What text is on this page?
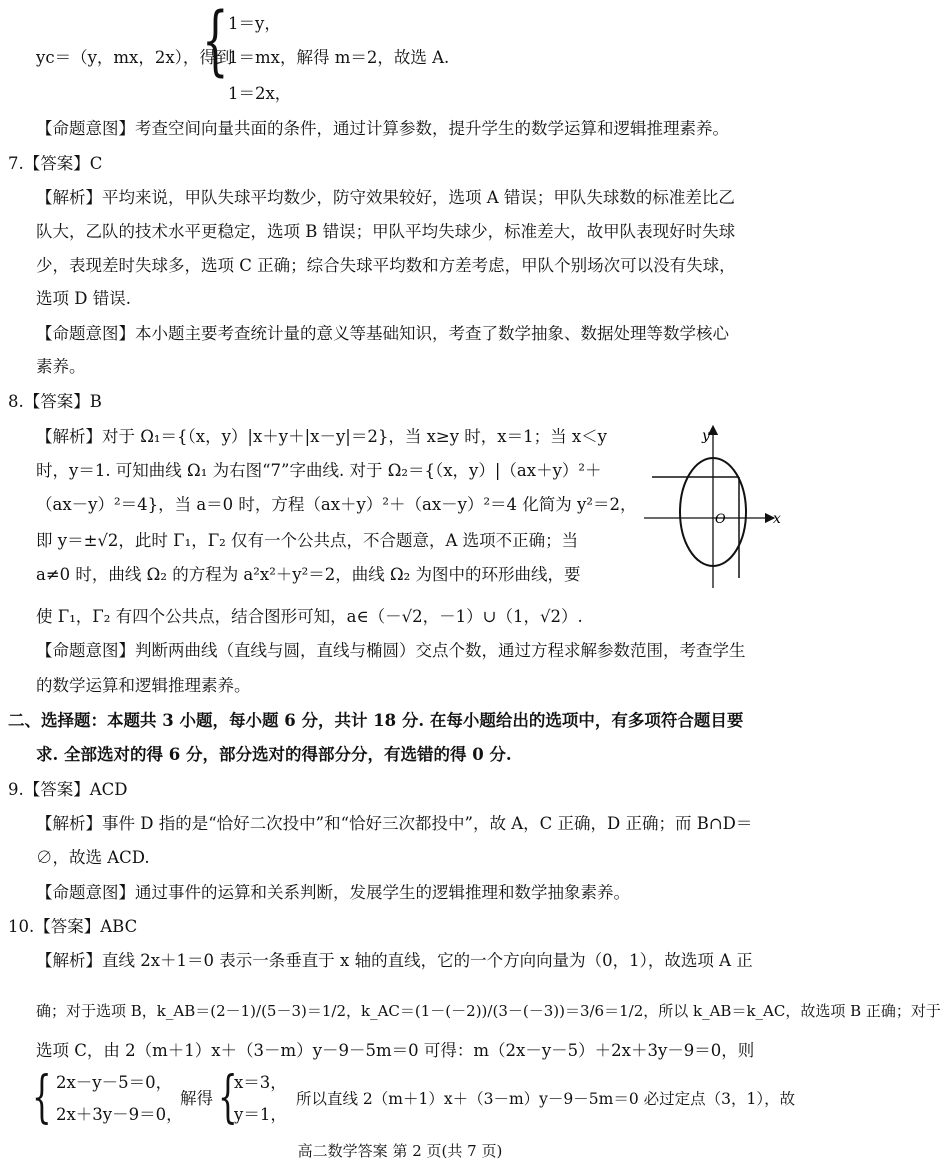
{ 1＝y，
yc＝（y，mx，2x），得到
1＝mx，解得 m＝2，故选 A.
1＝2x，
【命题意图】考查空间向量共面的条件，通过计算参数，提升学生的数学运算和逻辑推理素养。
7.【答案】C
【解析】平均来说，甲队失球平均数少，防守效果较好，选项 A 错误；甲队失球数的标准差比乙
队大，乙队的技术水平更稳定，选项 B 错误；甲队平均失球少，标准差大，故甲队表现好时失球
少，表现差时失球多，选项 C 正确；综合失球平均数和方差考虑，甲队个别场次可以没有失球，
选项 D 错误.
【命题意图】本小题主要考查统计量的意义等基础知识，考查了数学抽象、数据处理等数学核心
素养。
8.【答案】B
【解析】对于 Ω₁＝{（x，y）|x＋y＋|x－y|＝2}，当 x≥y 时，x＝1；当 x＜y
时，y＝1. 可知曲线 Ω₁ 为右图“7”字曲线. 对于 Ω₂＝{（x，y）|（ax＋y）²＋
（ax－y）²＝4}，当 a＝0 时，方程（ax＋y）²＋（ax－y）²＝4 化简为 y²＝2，
即 y＝±√2，此时 Γ₁，Γ₂ 仅有一个公共点，不合题意，A 选项不正确；当
a≠0 时，曲线 Ω₂ 的方程为 a²x²＋y²＝2，曲线 Ω₂ 为图中的环形曲线，要
使 Γ₁，Γ₂ 有四个公共点，结合图形可知，a∈（－√2，－1）∪（1，√2）.
y
x
O
【命题意图】判断两曲线（直线与圆，直线与椭圆）交点个数，通过方程求解参数范围，考查学生
的数学运算和逻辑推理素养。
二、选择题：本题共 3 小题，每小题 6 分，共计 18 分. 在每小题给出的选项中，有多项符合题目要
求. 全部选对的得 6 分，部分选对的得部分分，有选错的得 0 分.
9.【答案】ACD
【解析】事件 D 指的是“恰好二次投中”和“恰好三次都投中”，故 A，C 正确，D 正确；而 B∩D＝
∅，故选 ACD.
【命题意图】通过事件的运算和关系判断，发展学生的逻辑推理和数学抽象素养。
10.【答案】ABC
【解析】直线 2x＋1＝0 表示一条垂直于 x 轴的直线，它的一个方向向量为（0，1），故选项 A 正
确；对于选项 B，k_AB＝(2－1)/(5－3)＝1/2，k_AC＝(1－(－2))/(3－(－3))＝3/6＝1/2，所以 k_AB＝k_AC，故选项 B 正确；对于
选项 C，由 2（m＋1）x＋（3－m）y－9－5m＝0 可得：m（2x－y－5）＋2x＋3y－9＝0，则
{ 2x－y－5＝0，
2x＋3y－9＝0，
解得 {
x＝3，
y＝1，
所以直线 2（m＋1）x＋（3－m）y－9－5m＝0 必过定点（3，1），故
高二数学答案 第 2 页(共 7 页)
